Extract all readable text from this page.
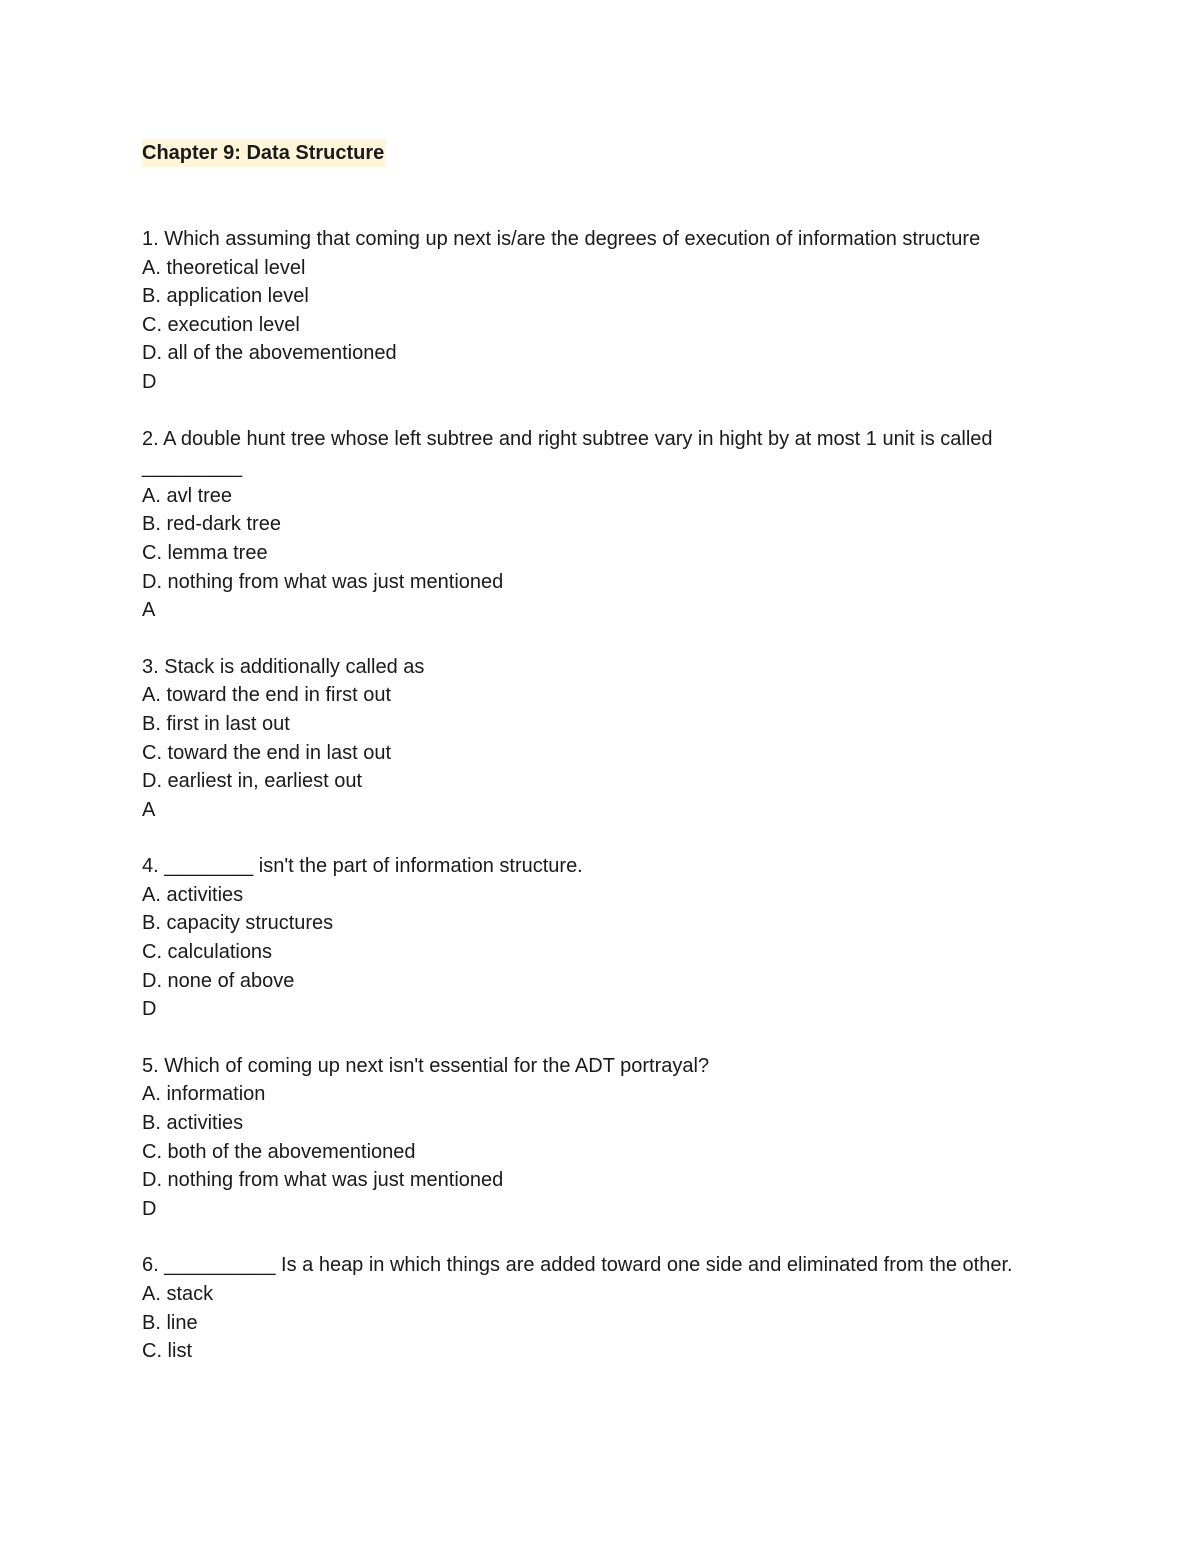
Chapter 9: Data Structure

1. Which assuming that coming up next is/are the degrees of execution of information structure

A. theoretical level

B. application level

C. execution level

D. all of the abovementioned

D

2. A double hunt tree whose left subtree and right subtree vary in hight by at most 1 unit is called _________

A. avl tree

B. red-dark tree

C. lemma tree

D. nothing from what was just mentioned

A

3. Stack is additionally called as

A. toward the end in first out

B. first in last out

C. toward the end in last out

D. earliest in, earliest out

A

4. ________ isn't the part of information structure.

A. activities

B. capacity structures

C. calculations

D. none of above

D

5. Which of coming up next isn't essential for the ADT portrayal?

A. information

B. activities

C. both of the abovementioned

D. nothing from what was just mentioned

D

6. __________ Is a heap in which things are added toward one side and eliminated from the other.

A. stack

B. line

C. list
